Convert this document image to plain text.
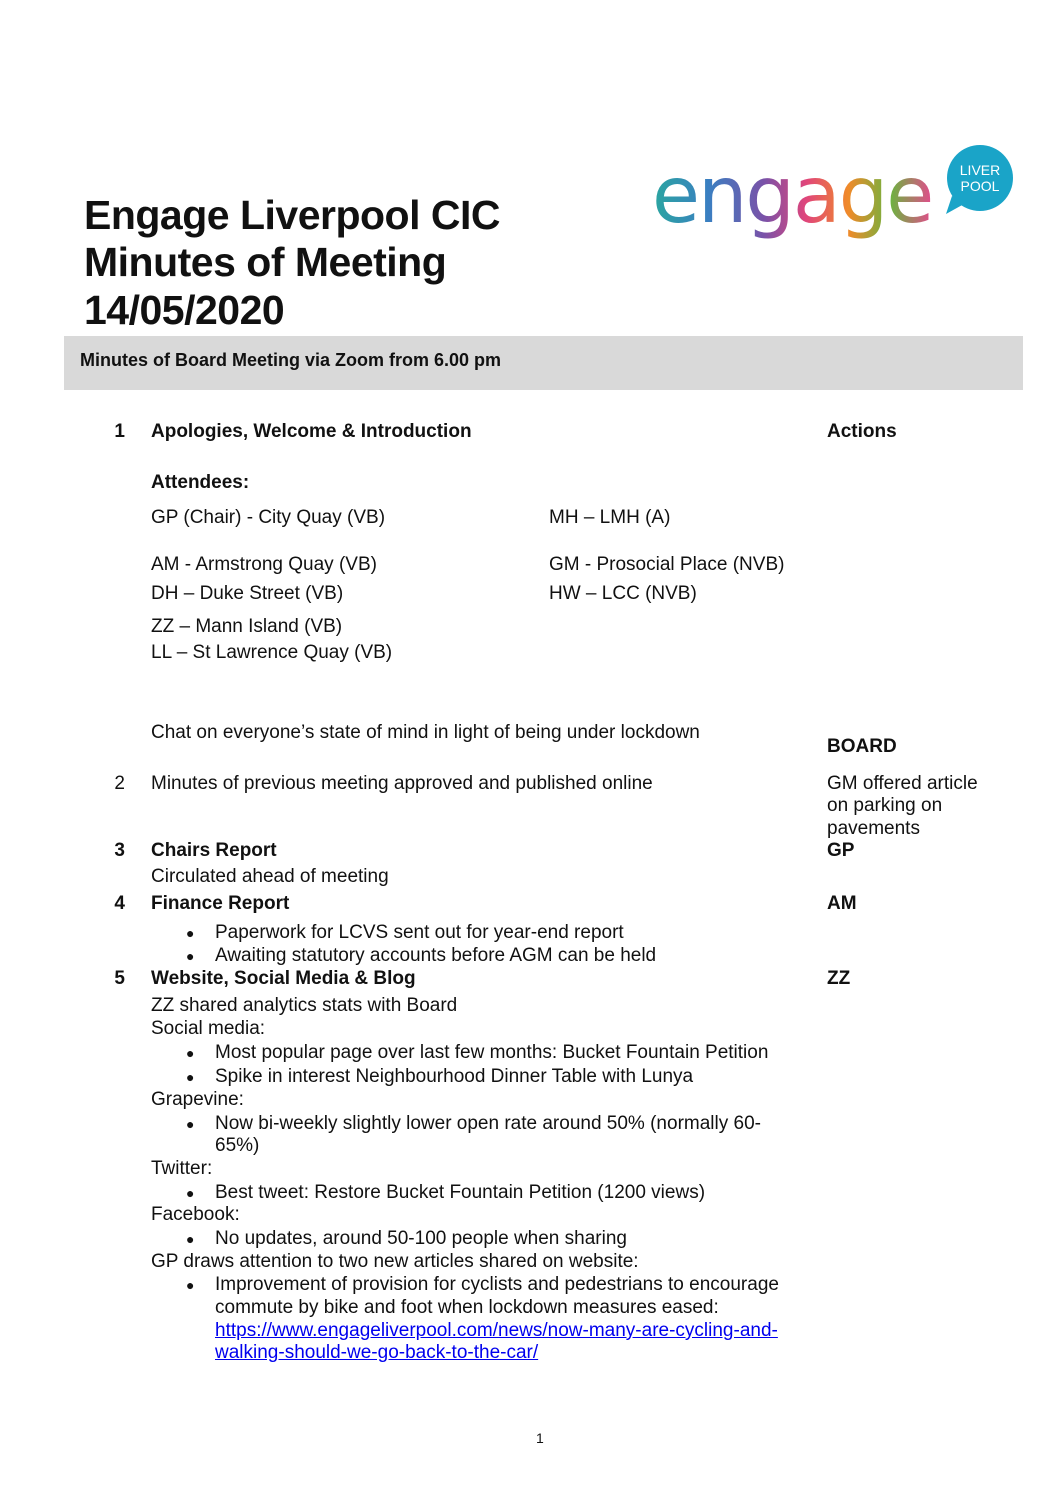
engage LIVER
POOL
Engage Liverpool CIC
Minutes of Meeting
14/05/2020
Minutes of Board Meeting via Zoom from 6.00 pm
1 Apologies, Welcome & Introduction	Actions
Attendees:
GP (Chair) - City Quay (VB)	MH – LMH (A)
AM - Armstrong Quay (VB)	GM - Prosocial Place (NVB)
DH – Duke Street (VB)	HW – LCC (NVB)
ZZ – Mann Island (VB)
LL – St Lawrence Quay (VB)
Chat on everyone’s state of mind in light of being under lockdown
BOARD
2 Minutes of previous meeting approved and published online	GM offered article
on parking on
pavements
3 Chairs Report	GP
Circulated ahead of meeting
4 Finance Report	AM
● Paperwork for LCVS sent out for year-end report
● Awaiting statutory accounts before AGM can be held
5 Website, Social Media & Blog	ZZ
ZZ shared analytics stats with Board
Social media:
● Most popular page over last few months: Bucket Fountain Petition
● Spike in interest Neighbourhood Dinner Table with Lunya
Grapevine:
● Now bi-weekly slightly lower open rate around 50% (normally 60-
65%)
Twitter:
● Best tweet: Restore Bucket Fountain Petition (1200 views)
Facebook:
● No updates, around 50-100 people when sharing
GP draws attention to two new articles shared on website:
● Improvement of provision for cyclists and pedestrians to encourage
commute by bike and foot when lockdown measures eased:
https://www.engageliverpool.com/news/now-many-are-cycling-and-
walking-should-we-go-back-to-the-car/
1
